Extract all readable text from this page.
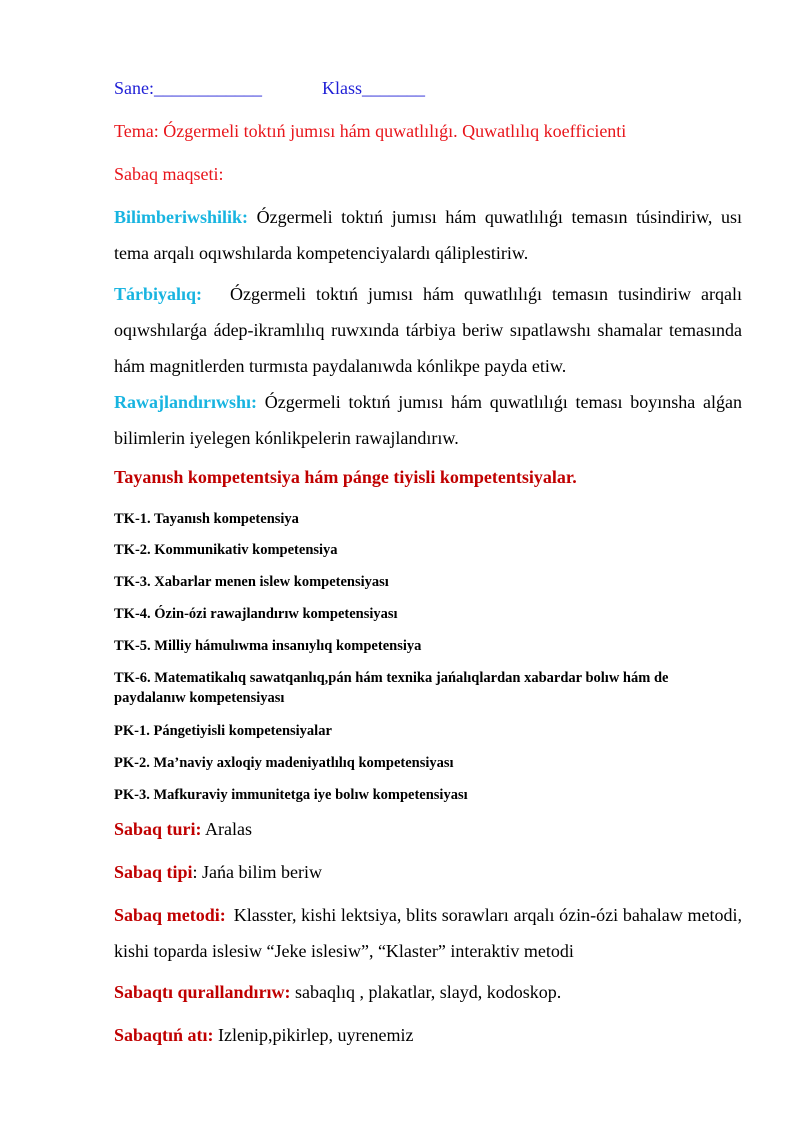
Sane:____________	Klass_______

Tema: Ózgermeli toktıń jumısı hám quwatlılıǵı. Quwatlılıq koefficienti

Sabaq maqseti:

Bilimberiwshilik: Ózgermeli toktıń jumısı hám quwatlılıǵı temasın túsindiriw, usı tema arqalı oqıwshılarda kompetenciyalardı qáliplestiriw.

Tárbiyalıq: Ózgermeli toktıń jumısı hám quwatlılıǵı temasın tusindiriw arqalı oqıwshılarǵa ádep-ikramlılıq ruwxında tárbiya beriw sıpatlawshı shamalar temasında hám magnitlerden turmısta paydalanıwda kónlikpe payda etiw.

Rawajlandırıwshı: Ózgermeli toktıń jumısı hám quwatlılıǵı teması boyınsha alǵan bilimlerin iyelegen kónlikpelerin rawajlandırıw.

Tayanısh kompetentsiya hám pánge tiyisli kompetentsiyalar.

TK-1. Tayanısh kompetensiya

TK-2. Kommunikativ kompetensiya

TK-3. Xabarlar menen islew kompetensiyası

TK-4. Ózin-ózi rawajlandırıw kompetensiyası

TK-5. Milliy hámulıwma insanıylıq kompetensiya

TK-6. Matematikalıq sawatqanlıq,pán hám texnika jańalıqlardan xabardar bolıw hám de paydalanıw kompetensiyası

PK-1. Pángetiyisli kompetensiyalar

PK-2. Ma’naviy axloqiy madeniyatlılıq kompetensiyası

PK-3. Mafkuraviy immunitetga iye bolıw kompetensiyası

Sabaq turi: Aralas

Sabaq tipi: Jańa bilim beriw

Sabaq metodi: Klasster, kishi lektsiya, blits sorawları arqalı ózin-ózi bahalaw metodi, kishi toparda islesiw “Jeke islesiw”, “Klaster” interaktiv metodi

Sabaqtı qurallandırıw: sabaqlıq , plakatlar, slayd, kodoskop.

Sabaqtıń atı: Izlenip,pikirlep, uyrenemiz
